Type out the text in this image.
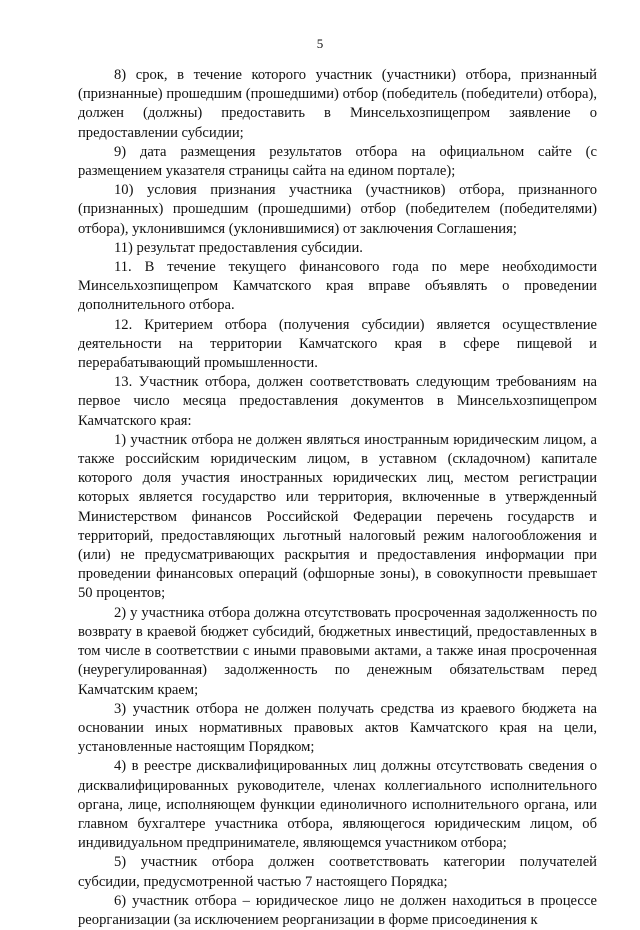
5

8) срок, в течение которого участник (участники) отбора, признанный (признанные) прошедшим (прошедшими) отбор (победитель (победители) отбора), должен (должны) предоставить в Минсельхозпищепром заявление о предоставлении субсидии;

9) дата размещения результатов отбора на официальном сайте (с размещением указателя страницы сайта на едином портале);

10) условия признания участника (участников) отбора, признанного (признанных) прошедшим (прошедшими) отбор (победителем (победителями) отбора), уклонившимся (уклонившимися) от заключения Соглашения;

11) результат предоставления субсидии.

11. В течение текущего финансового года по мере необходимости Минсельхозпищепром Камчатского края вправе объявлять о проведении дополнительного отбора.

12. Критерием отбора (получения субсидии) является осуществление деятельности на территории Камчатского края в сфере пищевой и перерабатывающий промышленности.

13. Участник отбора, должен соответствовать следующим требованиям на первое число месяца предоставления документов в Минсельхозпищепром Камчатского края:

1) участник отбора не должен являться иностранным юридическим лицом, а также российским юридическим лицом, в уставном (складочном) капитале которого доля участия иностранных юридических лиц, местом регистрации которых является государство или территория, включенные в утвержденный Министерством финансов Российской Федерации перечень государств и территорий, предоставляющих льготный налоговый режим налогообложения и (или) не предусматривающих раскрытия и предоставления информации при проведении финансовых операций (офшорные зоны), в совокупности превышает 50 процентов;

2) у участника отбора должна отсутствовать просроченная задолженность по возврату в краевой бюджет субсидий, бюджетных инвестиций, предоставленных в том числе в соответствии с иными правовыми актами, а также иная просроченная (неурегулированная) задолженность по денежным обязательствам перед Камчатским краем;

3) участник отбора не должен получать средства из краевого бюджета на основании иных нормативных правовых актов Камчатского края на цели, установленные настоящим Порядком;

4) в реестре дисквалифицированных лиц должны отсутствовать сведения о дисквалифицированных руководителе, членах коллегиального исполнительного органа, лице, исполняющем функции единоличного исполнительного органа, или главном бухгалтере участника отбора, являющегося юридическим лицом, об индивидуальном предпринимателе, являющемся участником отбора;

5) участник отбора должен соответствовать категории получателей субсидии, предусмотренной частью 7 настоящего Порядка;

6) участник отбора – юридическое лицо не должен находиться в процессе реорганизации (за исключением реорганизации в форме присоединения к
